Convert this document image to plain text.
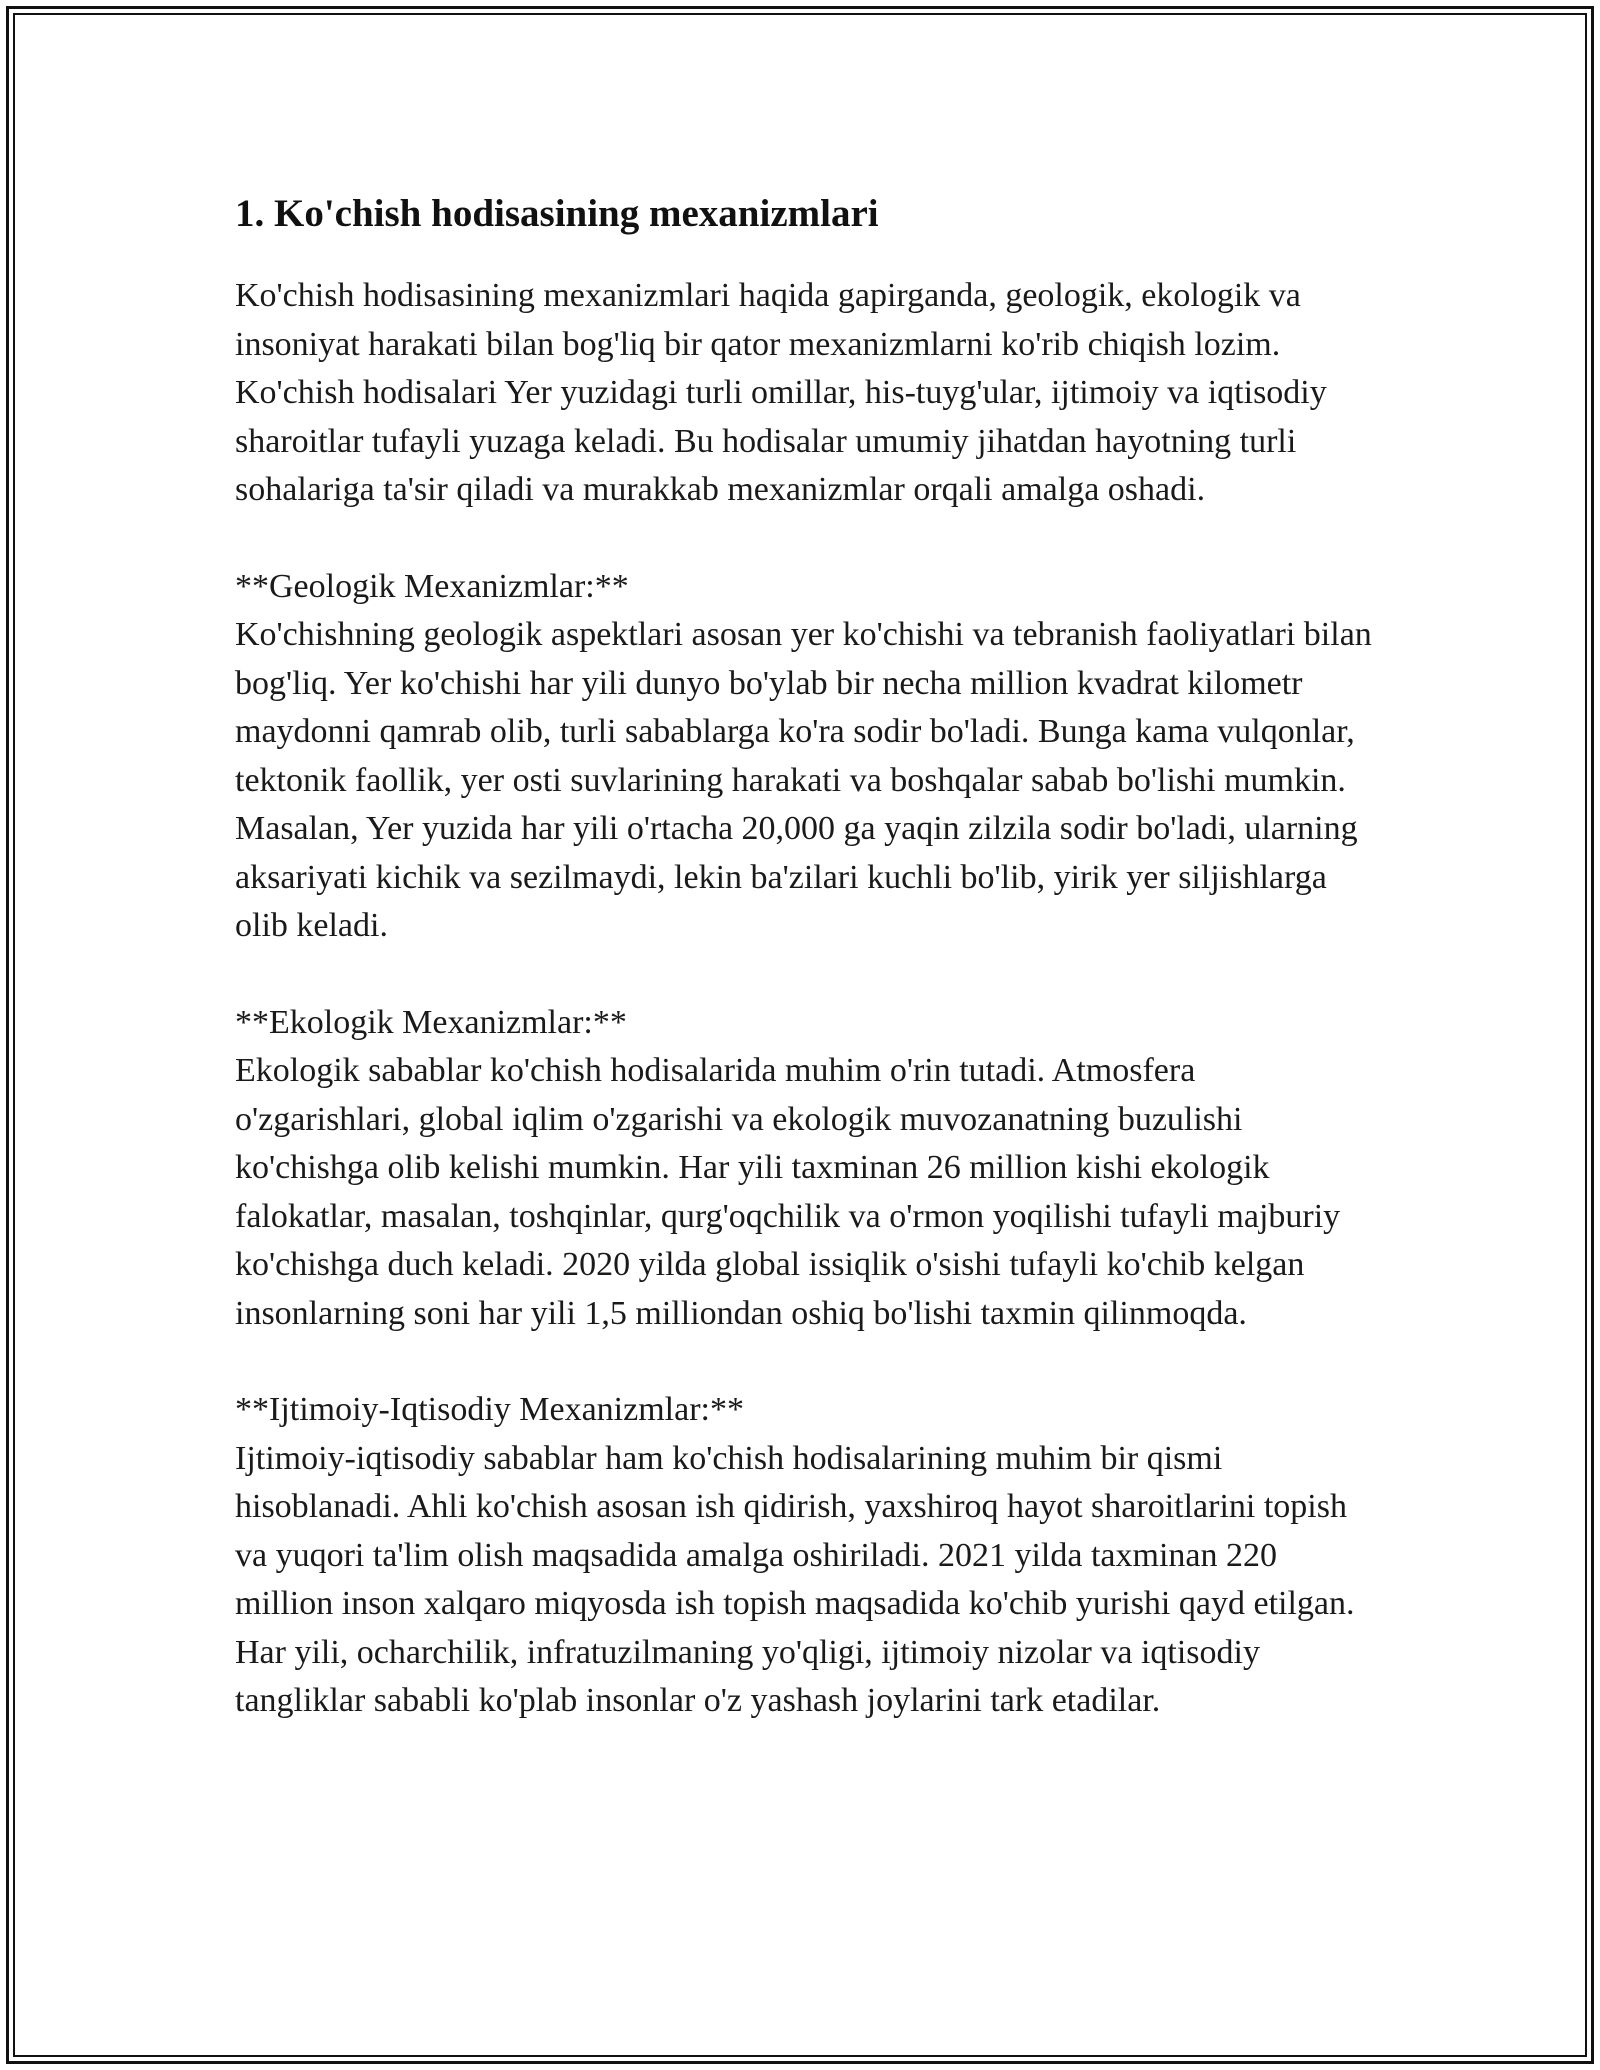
1. Ko'chish hodisasining mexanizmlari

Ko'chish hodisasining mexanizmlari haqida gapirganda, geologik, ekologik va insoniyat harakati bilan bog'liq bir qator mexanizmlarni ko'rib chiqish lozim. Ko'chish hodisalari Yer yuzidagi turli omillar, his-tuyg'ular, ijtimoiy va iqtisodiy sharoitlar tufayli yuzaga keladi. Bu hodisalar umumiy jihatdan hayotning turli sohalariga ta'sir qiladi va murakkab mexanizmlar orqali amalga oshadi.

**Geologik Mexanizmlar:**

Ko'chishning geologik aspektlari asosan yer ko'chishi va tebranish faoliyatlari bilan bog'liq. Yer ko'chishi har yili dunyo bo'ylab bir necha million kvadrat kilometr maydonni qamrab olib, turli sabablarga ko'ra sodir bo'ladi. Bunga kama vulqonlar, tektonik faollik, yer osti suvlarining harakati va boshqalar sabab bo'lishi mumkin. Masalan, Yer yuzida har yili o'rtacha 20,000 ga yaqin zilzila sodir bo'ladi, ularning aksariyati kichik va sezilmaydi, lekin ba'zilari kuchli bo'lib, yirik yer siljishlarga olib keladi.

**Ekologik Mexanizmlar:**

Ekologik sabablar ko'chish hodisalarida muhim o'rin tutadi. Atmosfera o'zgarishlari, global iqlim o'zgarishi va ekologik muvozanatning buzulishi ko'chishga olib kelishi mumkin. Har yili taxminan 26 million kishi ekologik falokatlar, masalan, toshqinlar, qurg'oqchilik va o'rmon yoqilishi tufayli majburiy ko'chishga duch keladi. 2020 yilda global issiqlik o'sishi tufayli ko'chib kelgan insonlarning soni har yili 1,5 milliondan oshiq bo'lishi taxmin qilinmoqda.

**Ijtimoiy-Iqtisodiy Mexanizmlar:**

Ijtimoiy-iqtisodiy sabablar ham ko'chish hodisalarining muhim bir qismi hisoblanadi. Ahli ko'chish asosan ish qidirish, yaxshiroq hayot sharoitlarini topish va yuqori ta'lim olish maqsadida amalga oshiriladi. 2021 yilda taxminan 220 million inson xalqaro miqyosda ish topish maqsadida ko'chib yurishi qayd etilgan. Har yili, ocharchilik, infratuzilmaning yo'qligi, ijtimoiy nizolar va iqtisodiy tangliklar sababli ko'plab insonlar o'z yashash joylarini tark etadilar.
